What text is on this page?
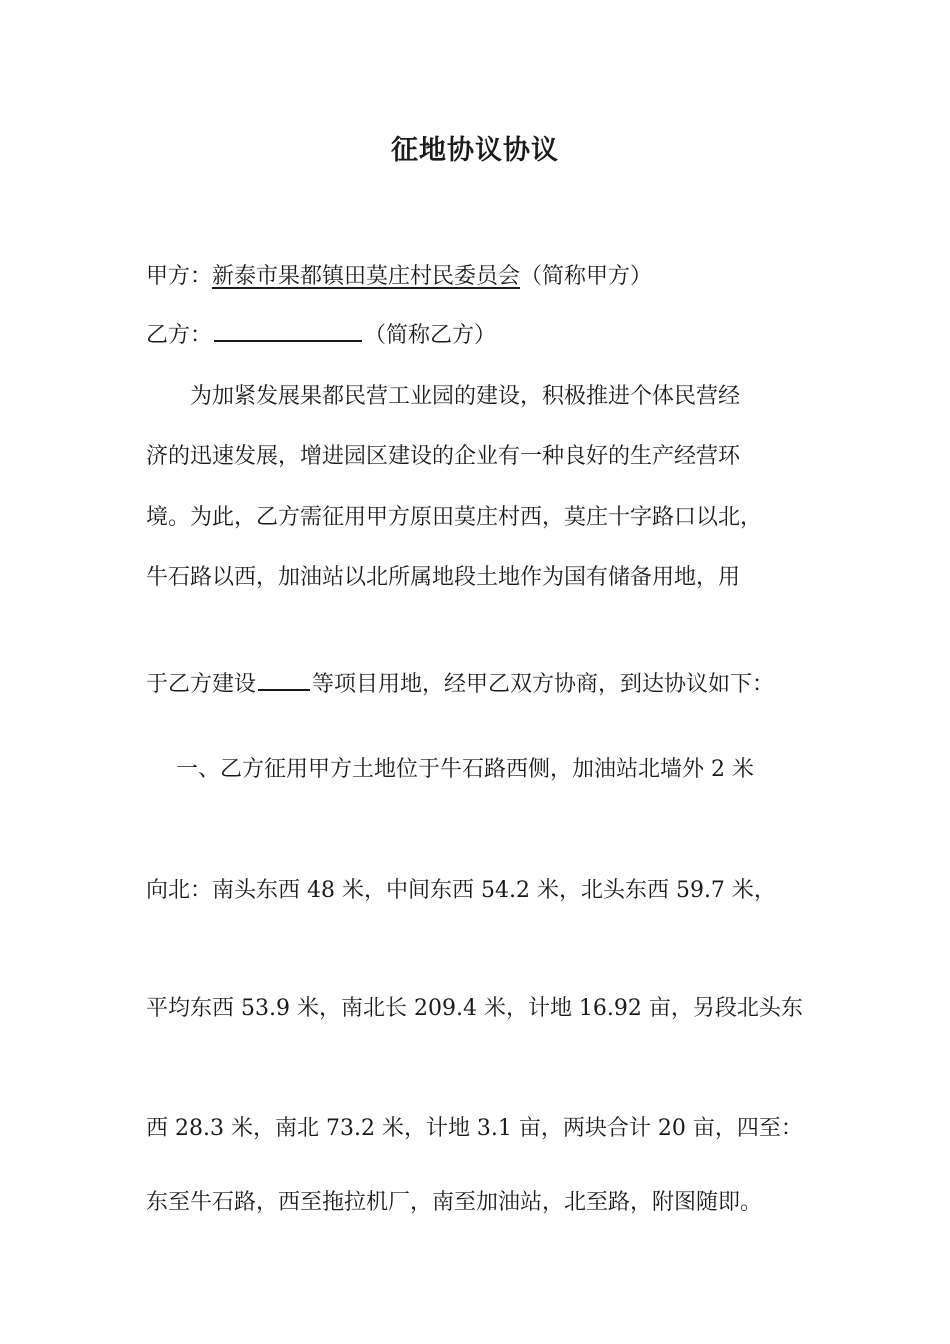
征地协议协议
甲方：新泰市果都镇田莫庄村民委员会（简称甲方）
乙方：	（简称乙方）
为加紧发展果都民营工业园的建设，积极推进个体民营经
济的迅速发展，增进园区建设的企业有一种良好的生产经营环
境。为此，乙方需征用甲方原田莫庄村西，莫庄十字路口以北，
牛石路以西，加油站以北所属地段土地作为国有储备用地，用
于乙方建设	等项目用地，经甲乙双方协商，到达协议如下：
一、乙方征用甲方土地位于牛石路西侧，加油站北墙外 2 米
向北：南头东西 48 米，中间东西 54.2 米，北头东西 59.7 米，
平均东西 53.9 米，南北长 209.4 米，计地 16.92 亩，另段北头东
西 28.3 米，南北 73.2 米，计地 3.1 亩，两块合计 20 亩，四至：
东至牛石路，西至拖拉机厂，南至加油站，北至路，附图随即。
